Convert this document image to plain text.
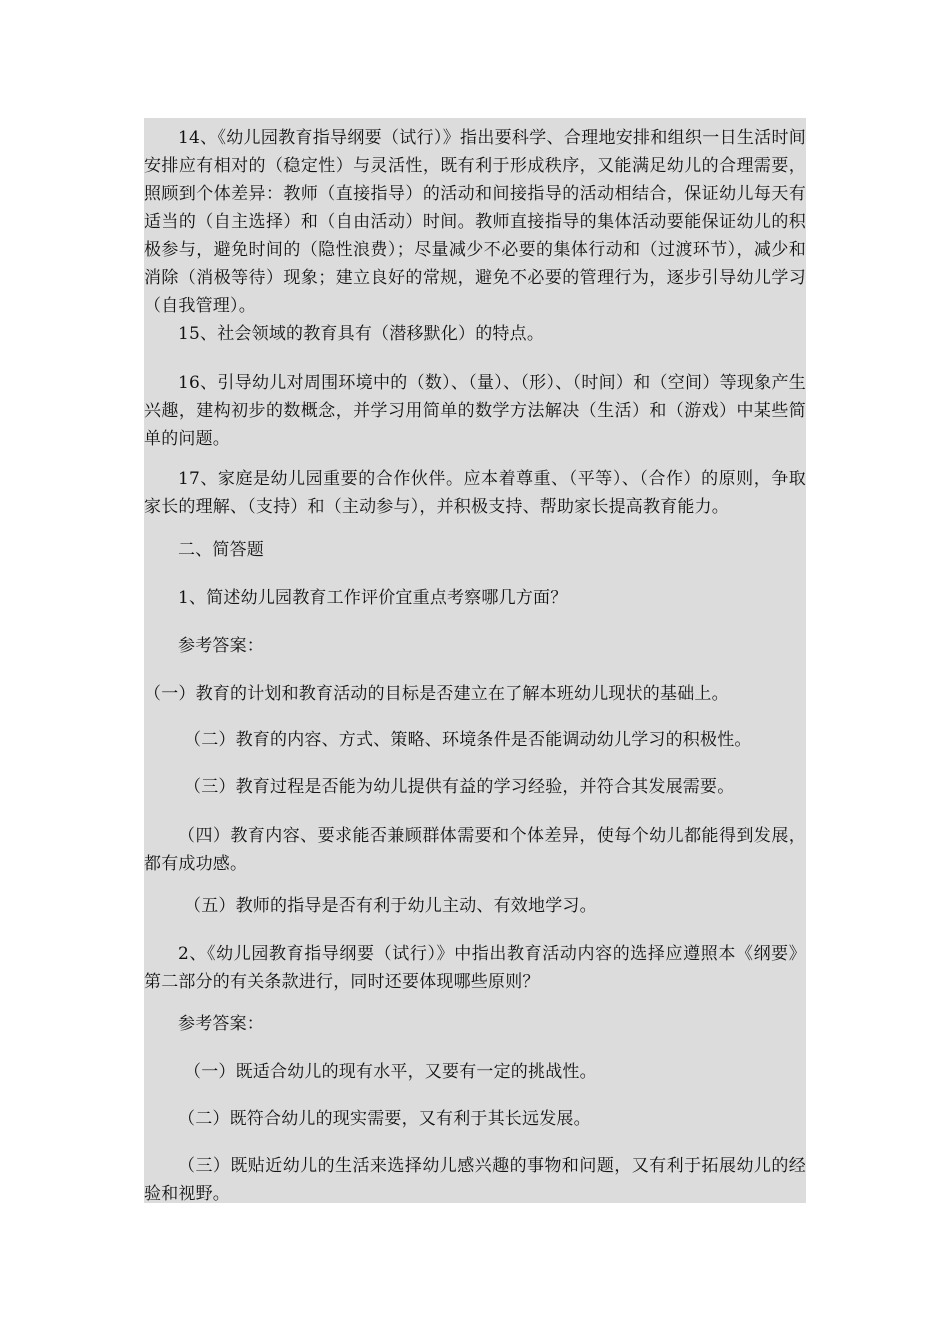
14、《幼儿园教育指导纲要（试行）》指出要科学、合理地安排和组织一日生活时间安排应有相对的（稳定性）与灵活性，既有利于形成秩序，又能满足幼儿的合理需要，照顾到个体差异：教师（直接指导）的活动和间接指导的活动相结合，保证幼儿每天有适当的（自主选择）和（自由活动）时间。教师直接指导的集体活动要能保证幼儿的积极参与，避免时间的（隐性浪费）；尽量减少不必要的集体行动和（过渡环节），减少和消除（消极等待）现象；建立良好的常规，避免不必要的管理行为，逐步引导幼儿学习（自我管理）。

15、社会领域的教育具有（潜移默化）的特点。

16、引导幼儿对周围环境中的（数）、（量）、（形）、（时间）和（空间）等现象产生兴趣，建构初步的数概念，并学习用简单的数学方法解决（生活）和（游戏）中某些简单的问题。

17、家庭是幼儿园重要的合作伙伴。应本着尊重、（平等）、（合作）的原则，争取家长的理解、（支持）和（主动参与），并积极支持、帮助家长提高教育能力。

二、简答题

1、简述幼儿园教育工作评价宜重点考察哪几方面？

参考答案：

（一）教育的计划和教育活动的目标是否建立在了解本班幼儿现状的基础上。

（二）教育的内容、方式、策略、环境条件是否能调动幼儿学习的积极性。

（三）教育过程是否能为幼儿提供有益的学习经验，并符合其发展需要。

（四）教育内容、要求能否兼顾群体需要和个体差异，使每个幼儿都能得到发展，都有成功感。

（五）教师的指导是否有利于幼儿主动、有效地学习。

2、《幼儿园教育指导纲要（试行）》中指出教育活动内容的选择应遵照本《纲要》第二部分的有关条款进行，同时还要体现哪些原则？

参考答案：

（一）既适合幼儿的现有水平，又要有一定的挑战性。

（二）既符合幼儿的现实需要，又有利于其长远发展。

（三）既贴近幼儿的生活来选择幼儿感兴趣的事物和问题，又有利于拓展幼儿的经验和视野。
